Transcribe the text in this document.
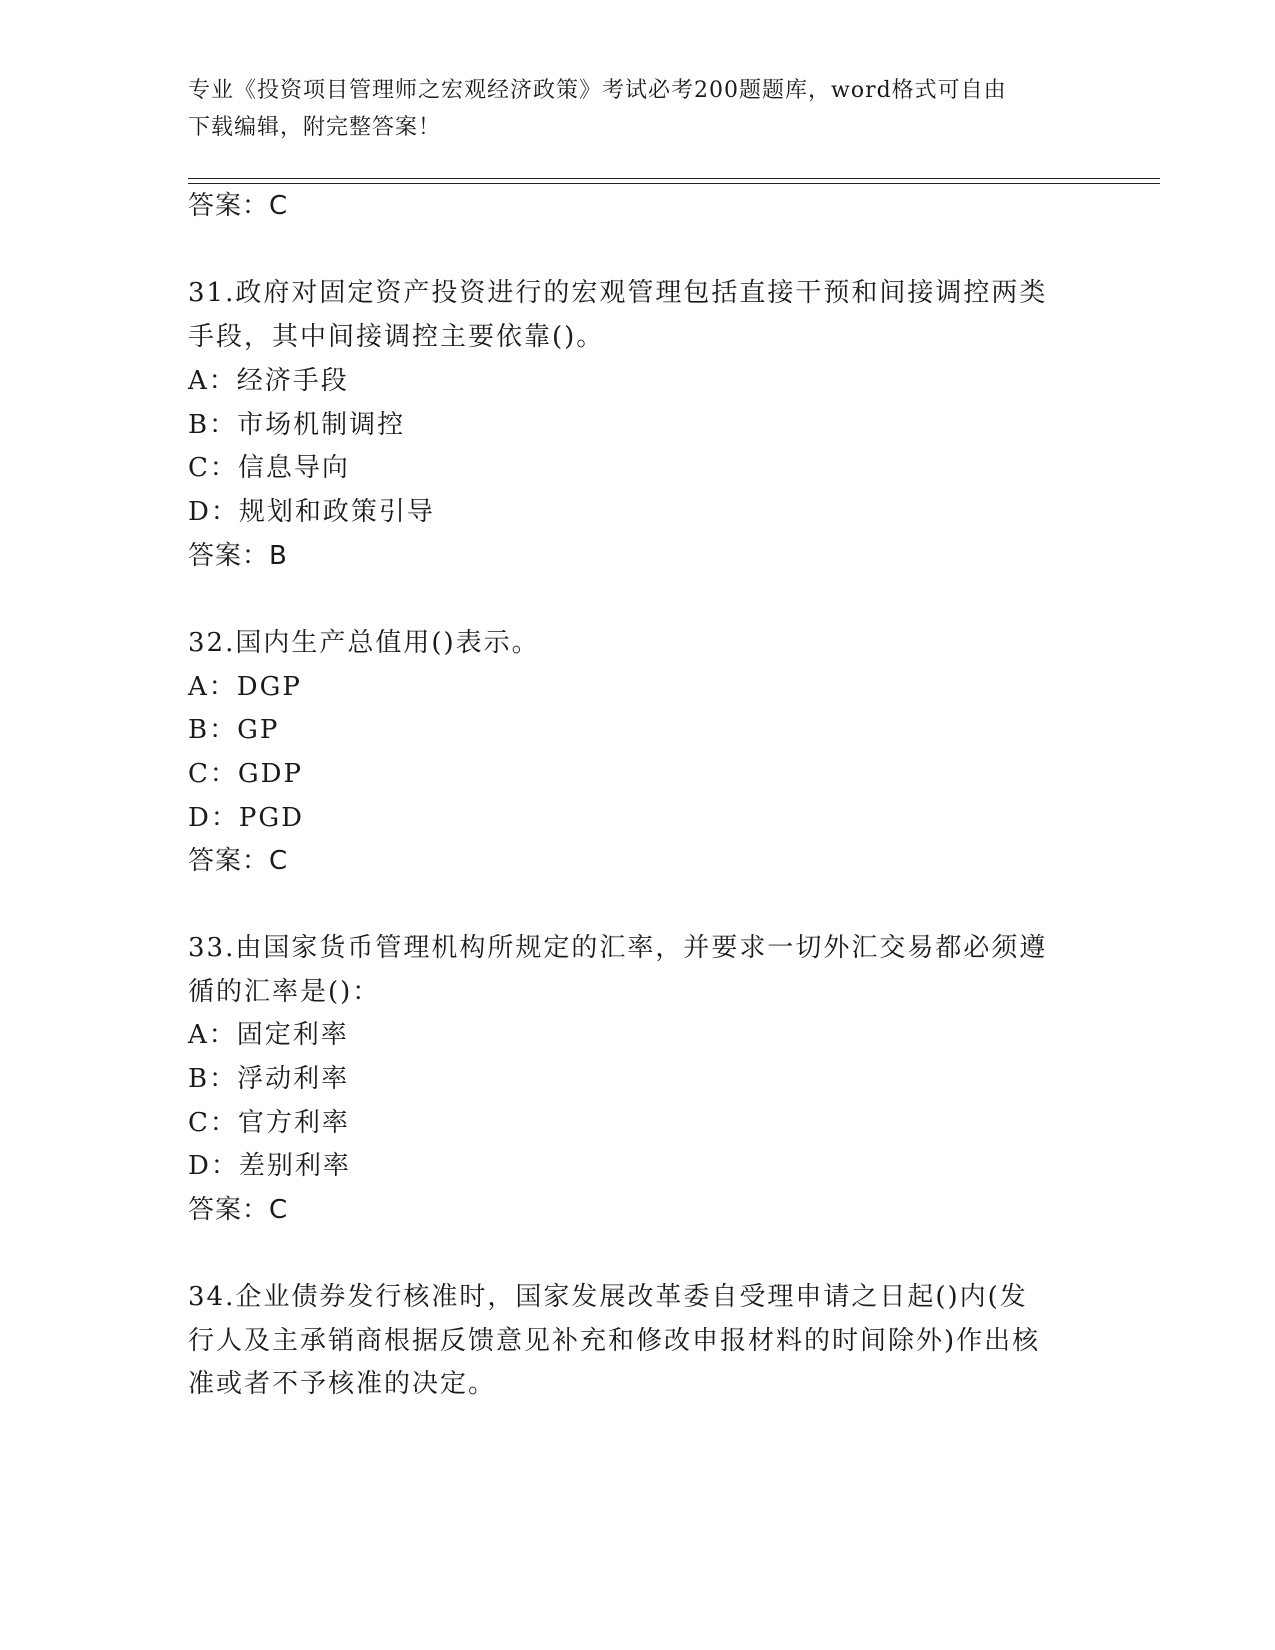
专业《投资项目管理师之宏观经济政策》考试必考200题题库，word格式可自由
下载编辑，附完整答案！
答案：C
31.政府对固定资产投资进行的宏观管理包括直接干预和间接调控两类
手段，其中间接调控主要依靠()。
A：经济手段
B：市场机制调控
C：信息导向
D：规划和政策引导
答案：B
32.国内生产总值用()表示。
A：DGP
B：GP
C：GDP
D：PGD
答案：C
33.由国家货币管理机构所规定的汇率，并要求一切外汇交易都必须遵
循的汇率是()：
A：固定利率
B：浮动利率
C：官方利率
D：差别利率
答案：C
34.企业债券发行核准时，国家发展改革委自受理申请之日起()内(发
行人及主承销商根据反馈意见补充和修改申报材料的时间除外)作出核
准或者不予核准的决定。
